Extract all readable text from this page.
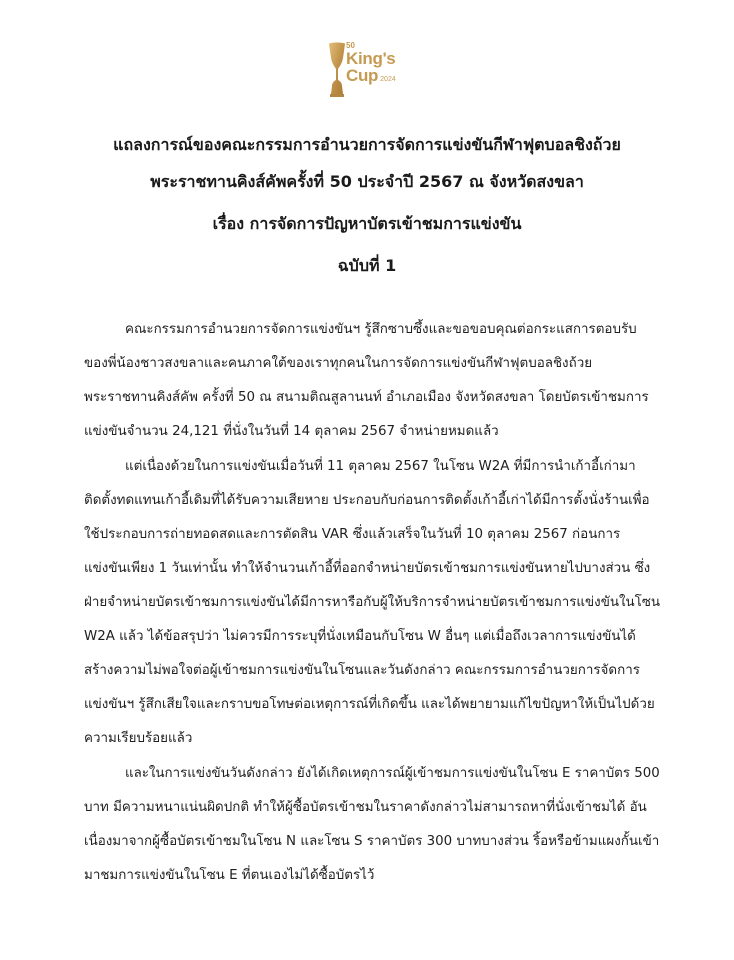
50
King's
Cup 2024
แถลงการณ์ของคณะกรรมการอำนวยการจัดการแข่งขันกีฬาฟุตบอลชิงถ้วย
พระราชทานคิงส์คัพครั้งที่ 50 ประจำปี 2567 ณ จังหวัดสงขลา
เรื่อง การจัดการปัญหาบัตรเข้าชมการแข่งขัน
ฉบับที่ 1
คณะกรรมการอำนวยการจัดการแข่งขันฯ รู้สึกซาบซึ้งและขอขอบคุณต่อกระแสการตอบรับ
ของพี่น้องชาวสงขลาและคนภาคใต้ของเราทุกคนในการจัดการแข่งขันกีฬาฟุตบอลชิงถ้วย
พระราชทานคิงส์คัพ ครั้งที่ 50 ณ สนามติณสูลานนท์ อำเภอเมือง จังหวัดสงขลา โดยบัตรเข้าชมการ
แข่งขันจำนวน 24,121 ที่นั่งในวันที่ 14 ตุลาคม 2567 จำหน่ายหมดแล้ว
แต่เนื่องด้วยในการแข่งขันเมื่อวันที่ 11 ตุลาคม 2567 ในโซน W2A ที่มีการนำเก้าอี้เก่ามา
ติดตั้งทดแทนเก้าอี้เดิมที่ได้รับความเสียหาย ประกอบกับก่อนการติดตั้งเก้าอี้เก่าได้มีการตั้งนั่งร้านเพื่อ
ใช้ประกอบการถ่ายทอดสดและการตัดสิน VAR ซึ่งแล้วเสร็จในวันที่ 10 ตุลาคม 2567 ก่อนการ
แข่งขันเพียง 1 วันเท่านั้น ทำให้จำนวนเก้าอี้ที่ออกจำหน่ายบัตรเข้าชมการแข่งขันหายไปบางส่วน ซึ่ง
ฝ่ายจำหน่ายบัตรเข้าชมการแข่งขันได้มีการหารือกับผู้ให้บริการจำหน่ายบัตรเข้าชมการแข่งขันในโซน
W2A แล้ว ได้ข้อสรุปว่า ไม่ควรมีการระบุที่นั่งเหมือนกับโซน W อื่นๆ แต่เมื่อถึงเวลาการแข่งขันได้
สร้างความไม่พอใจต่อผู้เข้าชมการแข่งขันในโซนและวันดังกล่าว คณะกรรมการอำนวยการจัดการ
แข่งขันฯ รู้สึกเสียใจและกราบขอโทษต่อเหตุการณ์ที่เกิดขึ้น และได้พยายามแก้ไขปัญหาให้เป็นไปด้วย
ความเรียบร้อยแล้ว
และในการแข่งขันวันดังกล่าว ยังได้เกิดเหตุการณ์ผู้เข้าชมการแข่งขันในโซน E ราคาบัตร 500
บาท มีความหนาแน่นผิดปกติ ทำให้ผู้ซื้อบัตรเข้าชมในราคาดังกล่าวไม่สามารถหาที่นั่งเข้าชมได้ อัน
เนื่องมาจากผู้ซื้อบัตรเข้าชมในโซน N และโซน S ราคาบัตร 300 บาทบางส่วน ริ้อหรือข้ามแผงกั้นเข้า
มาชมการแข่งขันในโซน E ที่ตนเองไม่ได้ซื้อบัตรไว้
